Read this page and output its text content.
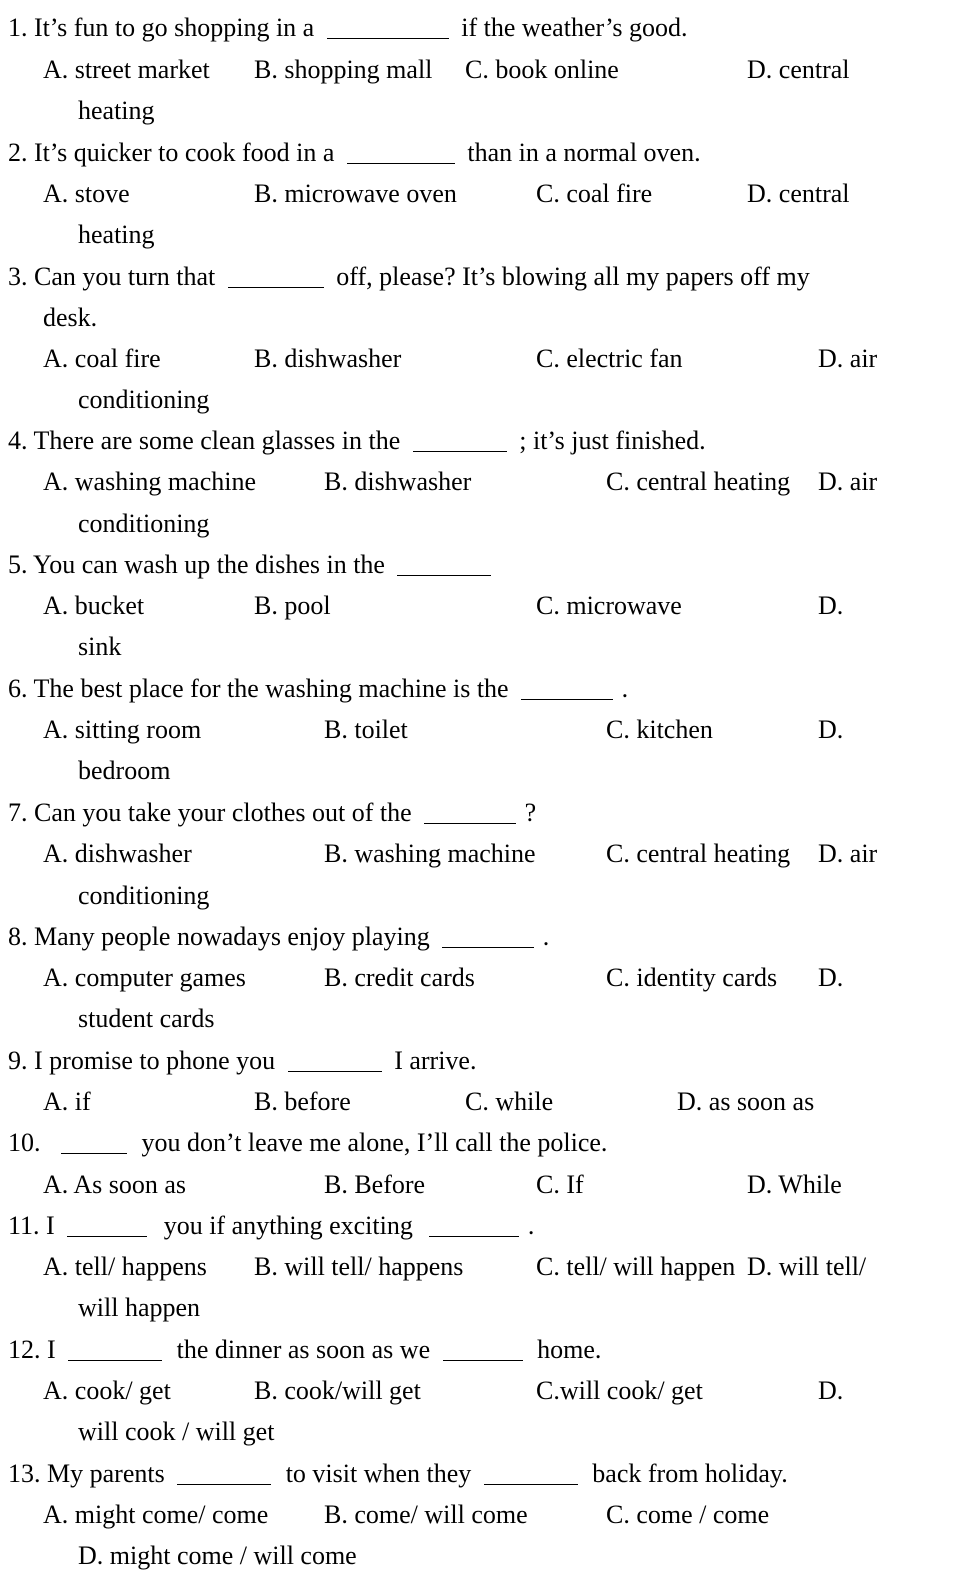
1. It’s fun to go shopping in a	if the weather’s good.
A. street market B. shopping mall C. book online	D. central
heating
2. It’s quicker to cook food in a	than in a normal oven.
A. stove	B. microwave oven	C. coal fire	D. central
heating
3. Can you turn that	off, please? It’s blowing all my papers off my
desk.
A. coal fire	B. dishwasher	C. electric fan	D. air
conditioning
4. There are some clean glasses in the	; it’s just finished.
A. washing machine	B. dishwasher	C. central heating D. air
conditioning
5. You can wash up the dishes in the
A. bucket	B. pool	C. microwave	D.
sink
6. The best place for the washing machine is the	.
A. sitting room	B. toilet	C. kitchen	D.
bedroom
7. Can you take your clothes out of the	?
A. dishwasher	B. washing machine	C. central heating D. air
conditioning
8. Many people nowadays enjoy playing	.
A. computer games	B. credit cards	C. identity cards D.
student cards
9. I promise to phone you	I arrive.
A. if	B. before	C. while	D. as soon as
10.	you don’t leave me alone, I’ll call the police.
A. As soon as	B. Before	C. If	D. While
11. I	you if anything exciting	.
A. tell/ happens B. will tell/ happens	C. tell/ will happen D. will tell/
will happen
12. I	the dinner as soon as we	home.
A. cook/ get	B. cook/will get	C.will cook/ get	D.
will cook / will get
13. My parents	to visit when they	back from holiday.
A. might come/ come B. come/ will come	C. come / come
D. might come / will come
